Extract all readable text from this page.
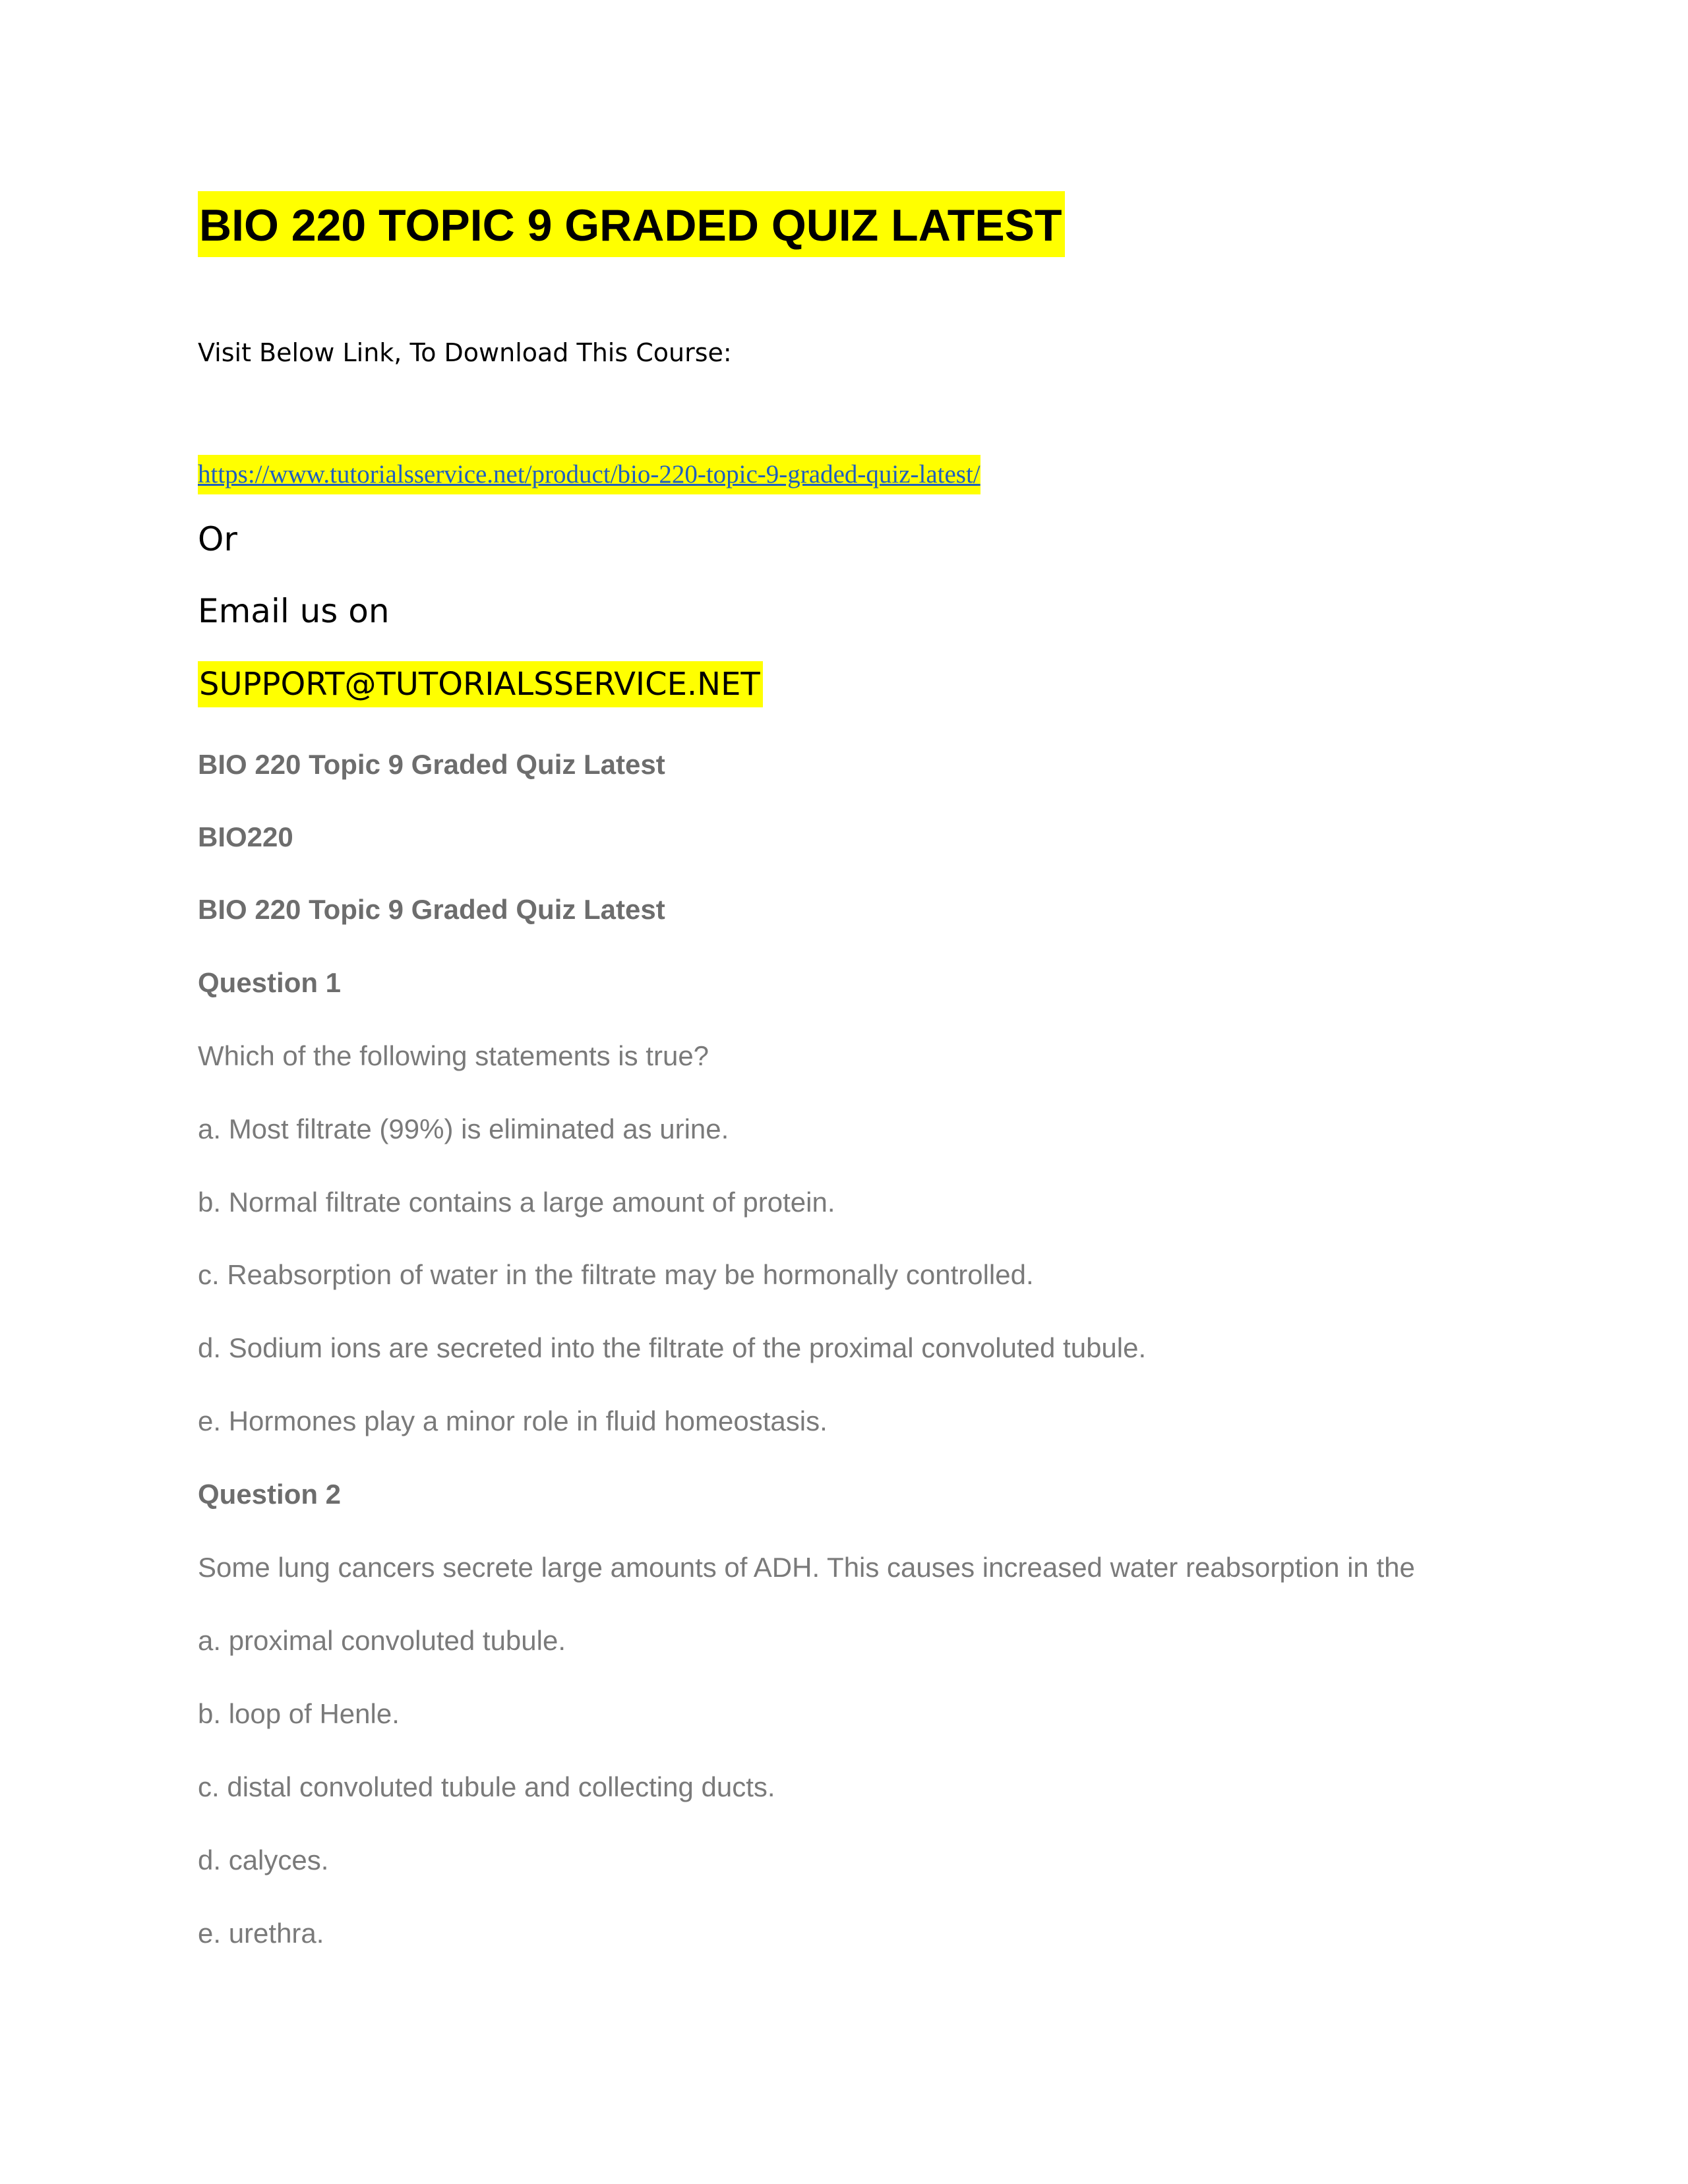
BIO 220 TOPIC 9 GRADED QUIZ LATEST

Visit Below Link, To Download This Course:

https://www.tutorialsservice.net/product/bio-220-topic-9-graded-quiz-latest/

Or

Email us on

SUPPORT@TUTORIALSSERVICE.NET

BIO 220 Topic 9 Graded Quiz Latest

BIO220

BIO 220 Topic 9 Graded Quiz Latest

Question 1

Which of the following statements is true?

a. Most filtrate (99%) is eliminated as urine.

b. Normal filtrate contains a large amount of protein.

c. Reabsorption of water in the filtrate may be hormonally controlled.

d. Sodium ions are secreted into the filtrate of the proximal convoluted tubule.

e. Hormones play a minor role in fluid homeostasis.

Question 2

Some lung cancers secrete large amounts of ADH. This causes increased water reabsorption in the

a. proximal convoluted tubule.

b. loop of Henle.

c. distal convoluted tubule and collecting ducts.

d. calyces.

e. urethra.
